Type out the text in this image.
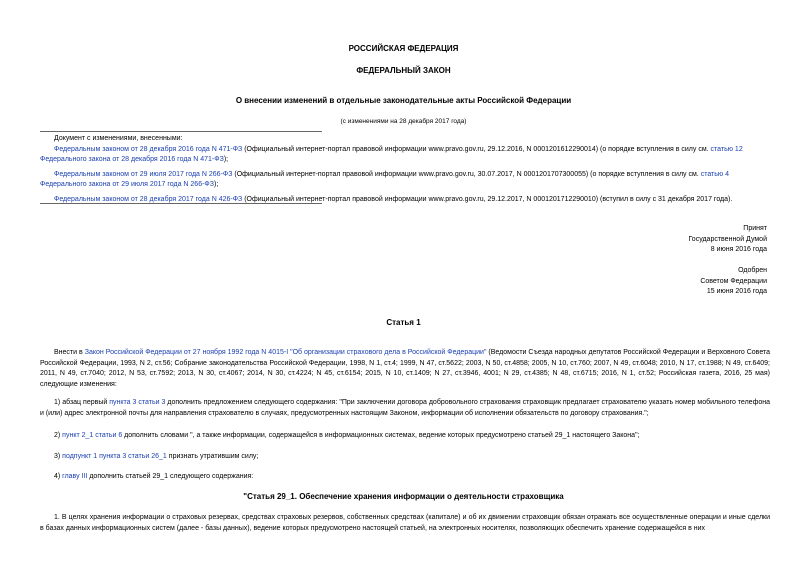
РОССИЙСКАЯ ФЕДЕРАЦИЯ
ФЕДЕРАЛЬНЫЙ ЗАКОН
О внесении изменений в отдельные законодательные акты Российской Федерации
(с изменениями на 28 декабря 2017 года)
Документ с изменениями, внесенными:
Федеральным законом от 28 декабря 2016 года N 471-ФЗ (Официальный интернет-портал правовой информации www.pravo.gov.ru, 29.12.2016, N 0001201612290014) (о порядке вступления в силу см. статью 12 Федерального закона от 28 декабря 2016 года N 471-ФЗ);
Федеральным законом от 29 июля 2017 года N 266-ФЗ (Официальный интернет-портал правовой информации www.pravo.gov.ru, 30.07.2017, N 0001201707300055) (о порядке вступления в силу см. статью 4 Федерального закона от 29 июля 2017 года N 266-ФЗ);
Федеральным законом от 28 декабря 2017 года N 426-ФЗ (Официальный интернет-портал правовой информации www.pravo.gov.ru, 29.12.2017, N 0001201712290010) (вступил в силу с 31 декабря 2017 года).
Принят
Государственной Думой
8 июня 2016 года
Одобрен
Советом Федерации
15 июня 2016 года
Статья 1
Внести в Закон Российской Федерации от 27 ноября 1992 года N 4015-I "Об организации страхового дела в Российской Федерации" (Ведомости Съезда народных депутатов Российской Федерации и Верховного Совета Российской Федерации, 1993, N 2, ст.56; Собрание законодательства Российской Федерации, 1998, N 1, ст.4; 1999, N 47, ст.5622; 2003, N 50, ст.4858; 2005, N 10, ст.760; 2007, N 49, ст.6048; 2010, N 17, ст.1988; N 49, ст.6409; 2011, N 49, ст.7040; 2012, N 53, ст.7592; 2013, N 30, ст.4067; 2014, N 30, ст.4224; N 45, ст.6154; 2015, N 10, ст.1409; N 27, ст.3946, 4001; N 29, ст.4385; N 48, ст.6715; 2016, N 1, ст.52; Российская газета, 2016, 25 мая) следующие изменения:
1) абзац первый пункта 3 статьи 3 дополнить предложением следующего содержания: "При заключении договора добровольного страхования страховщик предлагает страхователю указать номер мобильного телефона и (или) адрес электронной почты для направления страхователю в случаях, предусмотренных настоящим Законом, информации об исполнении обязательств по договору страхования.";
2) пункт 2_1 статьи 6 дополнить словами ", а также информации, содержащейся в информационных системах, ведение которых предусмотрено статьей 29_1 настоящего Закона";
3) подпункт 1 пункта 3 статьи 26_1 признать утратившим силу;
4) главу III дополнить статьей 29_1 следующего содержания:
"Статья 29_1. Обеспечение хранения информации о деятельности страховщика
1. В целях хранения информации о страховых резервах, средствах страховых резервов, собственных средствах (капитале) и об их движении страховщик обязан отражать все осуществленные операции и иные сделки в базах данных информационных систем (далее - базы данных), ведение которых предусмотрено настоящей статьей, на электронных носителях, позволяющих обеспечить хранение содержащейся в них
